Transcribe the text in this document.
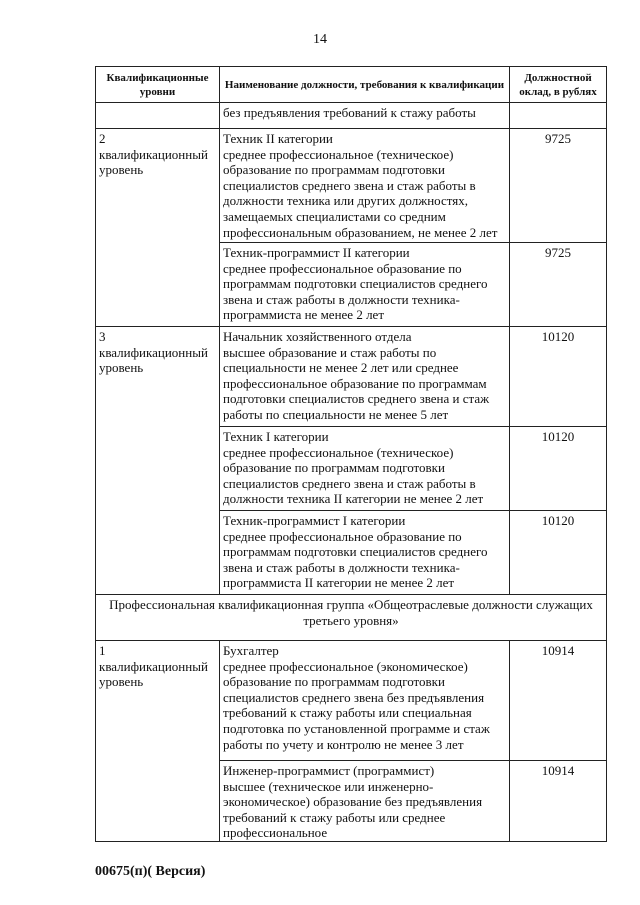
14
Квалификационные уровни	Наименование должности, требования к квалификации	Должностной оклад, в рублях

	без предъявления требований к стажу работы	

2 квалификационный уровень	Техник II категории
среднее профессиональное (техническое) образование по программам подготовки специалистов среднего звена и стаж работы в должности техника или других должностях, замещаемых специалистами со средним профессиональным образованием, не менее 2 лет	9725

	Техник-программист II категории
среднее профессиональное образование по программам подготовки специалистов среднего звена и стаж работы в должности техника-программиста не менее 2 лет	9725
3 квалификационный уровень	Начальник хозяйственного отдела
высшее образование и стаж работы по специальности не менее 2 лет или среднее профессиональное образование по программам подготовки специалистов среднего звена и стаж работы по специальности не менее 5 лет	10120

	Техник I категории
среднее профессиональное (техническое) образование по программам подготовки специалистов среднего звена и стаж работы в должности техника II категории не менее 2 лет	10120

	Техник-программист I категории
среднее профессиональное образование по программам подготовки специалистов среднего звена и стаж работы в должности техника-программиста II категории не менее 2 лет	10120
Профессиональная квалификационная группа «Общеотраслевые должности служащих третьего уровня»		
1 квалификационный уровень	Бухгалтер
среднее профессиональное (экономическое) образование по программам подготовки специалистов среднего звена без предъявления требований к стажу работы или специальная подготовка по установленной программе и стаж работы по учету и контролю не менее 3 лет	10914

	Инженер-программист (программист)
высшее (техническое или инженерно-экономическое) образование без предъявления требований к стажу работы или среднее профессиональное	10914
00675(п)( Версия)
